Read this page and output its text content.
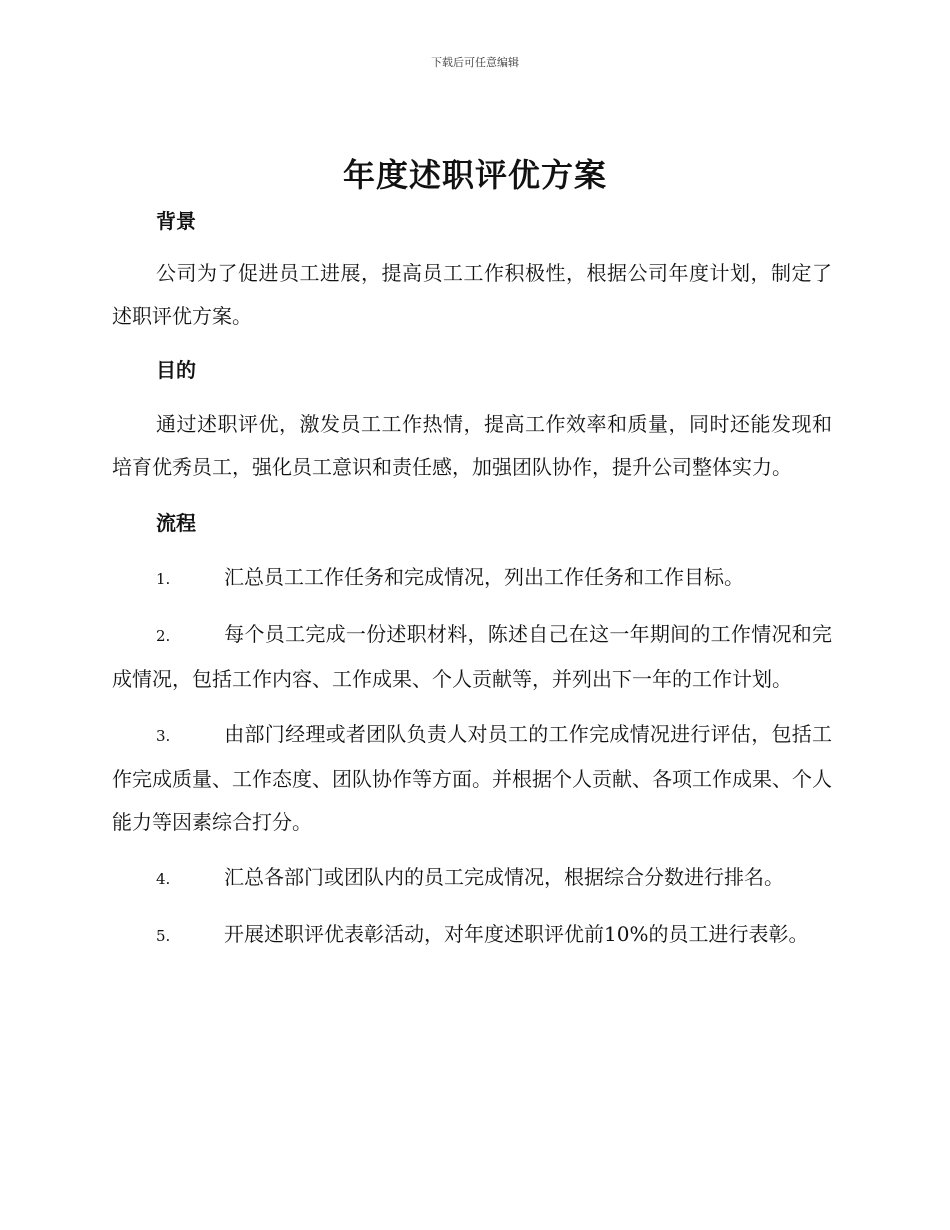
下载后可任意编辑
年度述职评优方案
背景

公司为了促进员工进展，提高员工工作积极性，根据公司年度计划，制定了述职评优方案。

目的

通过述职评优，激发员工工作热情，提高工作效率和质量，同时还能发现和培育优秀员工，强化员工意识和责任感，加强团队协作，提升公司整体实力。

流程

1.	汇总员工工作任务和完成情况，列出工作任务和工作目标。

2.	每个员工完成一份述职材料，陈述自己在这一年期间的工作情况和完成情况，包括工作内容、工作成果、个人贡献等，并列出下一年的工作计划。

3.	由部门经理或者团队负责人对员工的工作完成情况进行评估，包括工作完成质量、工作态度、团队协作等方面。并根据个人贡献、各项工作成果、个人能力等因素综合打分。

4.	汇总各部门或团队内的员工完成情况，根据综合分数进行排名。

5.	开展述职评优表彰活动，对年度述职评优前10%的员工进行表彰。
